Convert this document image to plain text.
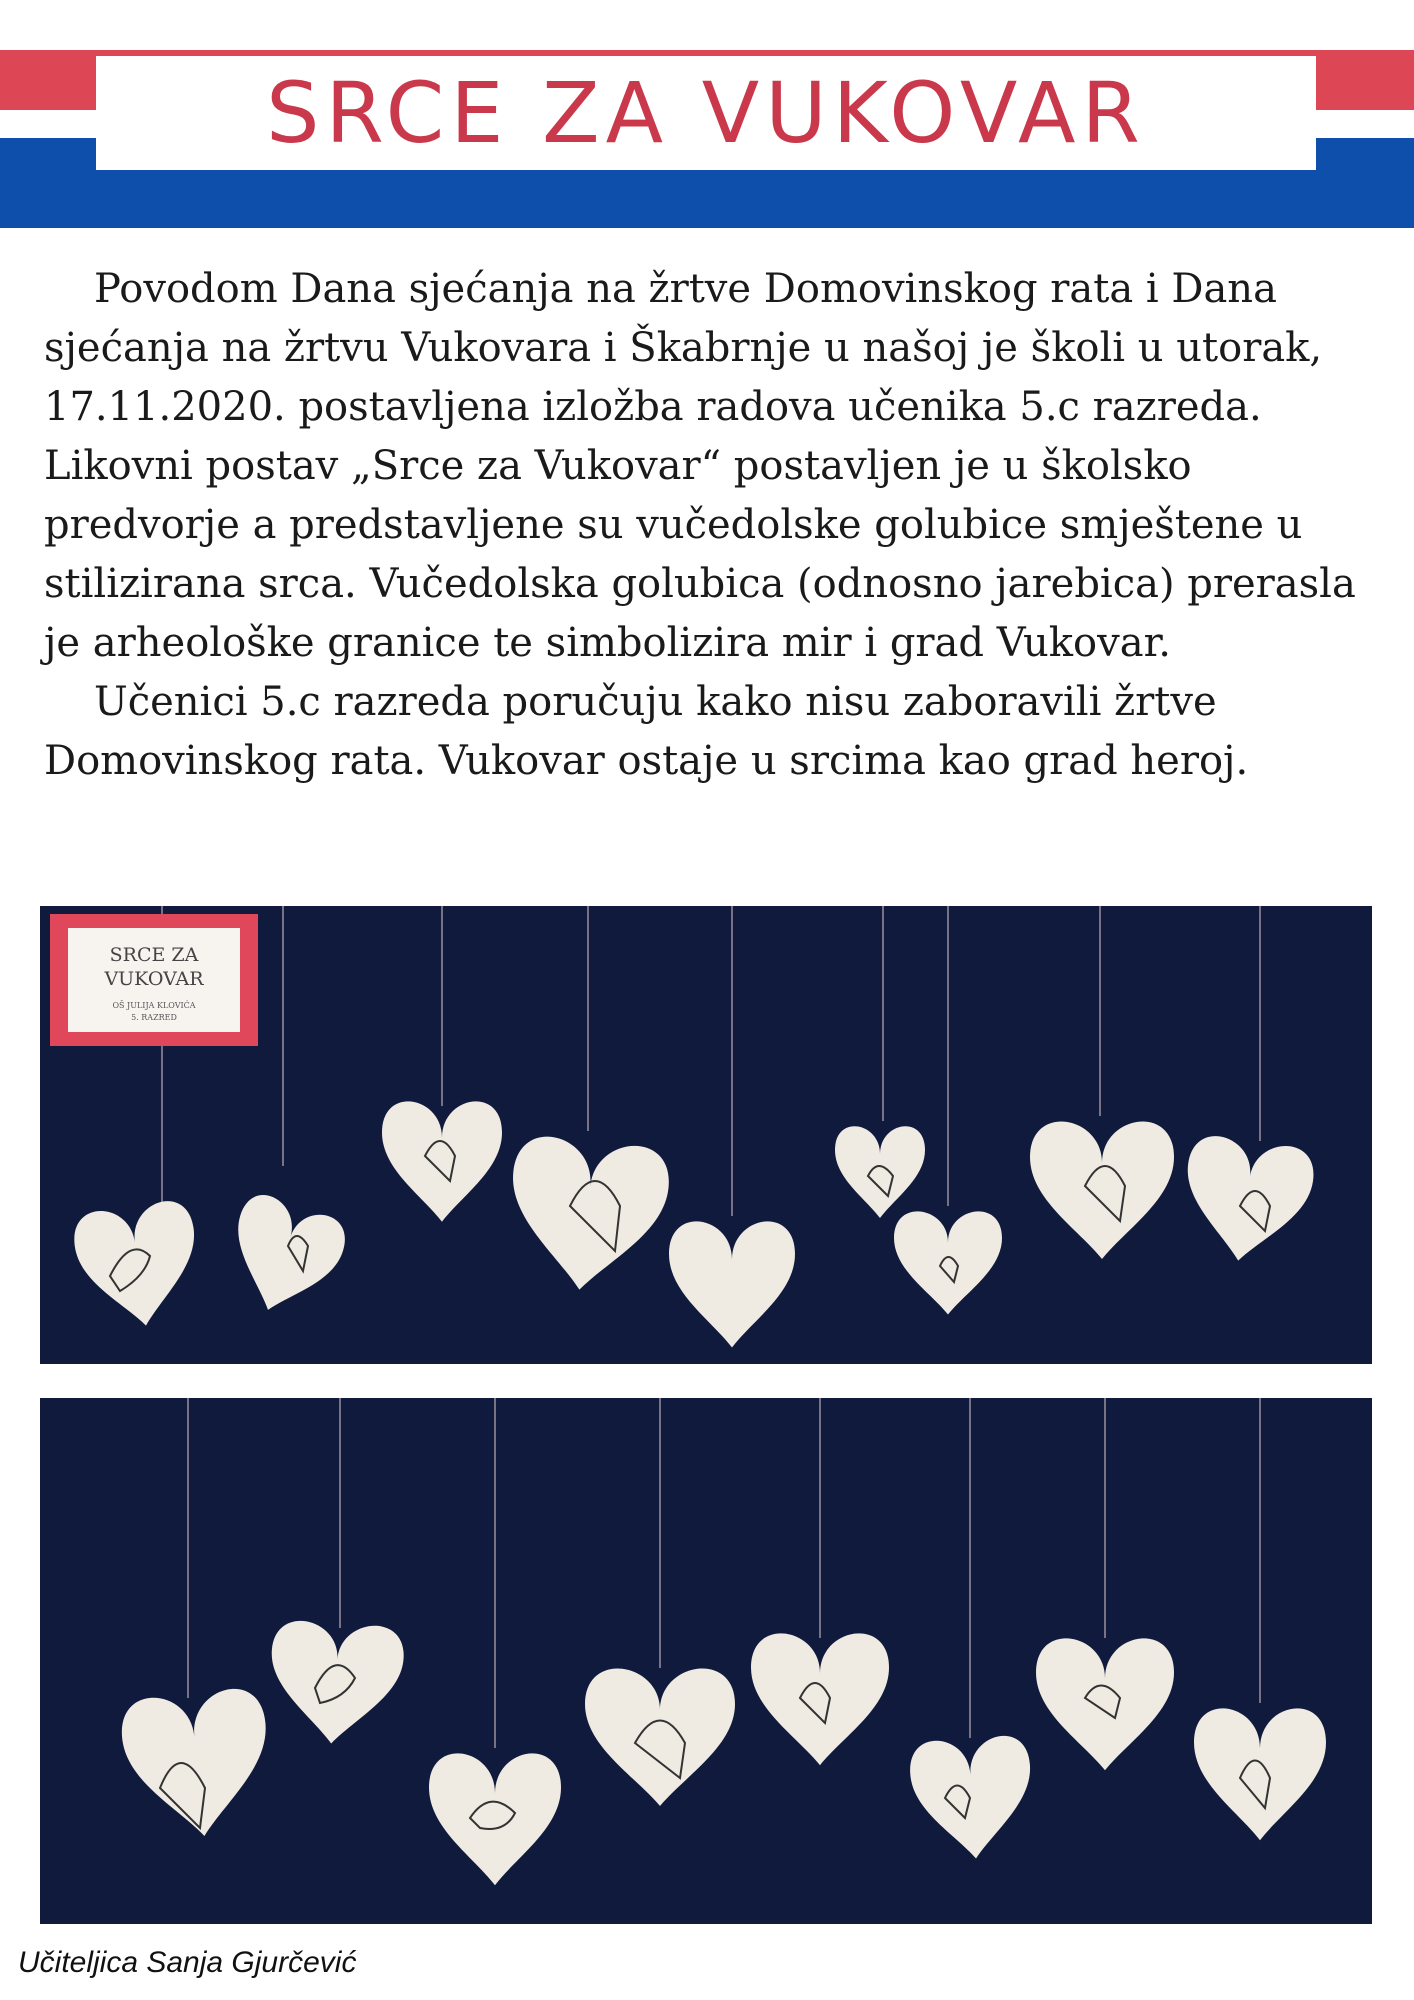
SRCE ZA VUKOVAR

Povodom Dana sjećanja na žrtve Domovinskog rata i Dana sjećanja na žrtvu Vukovara i Škabrnje u našoj je školi u utorak, 17.11.2020. postavljena izložba radova učenika 5.c razreda. Likovni postav „Srce za Vukovar“ postavljen je u školsko predvorje a predstavljene su vučedolske golubice smještene u stilizirana srca. Vučedolska golubica (odnosno jarebica) prerasla je arheološke granice te simbolizira mir i grad Vukovar.

Učenici 5.c razreda poručuju kako nisu zaboravili žrtve Domovinskog rata. Vukovar ostaje u srcima kao grad heroj.

SRCE ZA
VUKOVAR
OŠ JULIJA KLOVIĆA
5. RAZRED
Učiteljica Sanja Gjurčević
